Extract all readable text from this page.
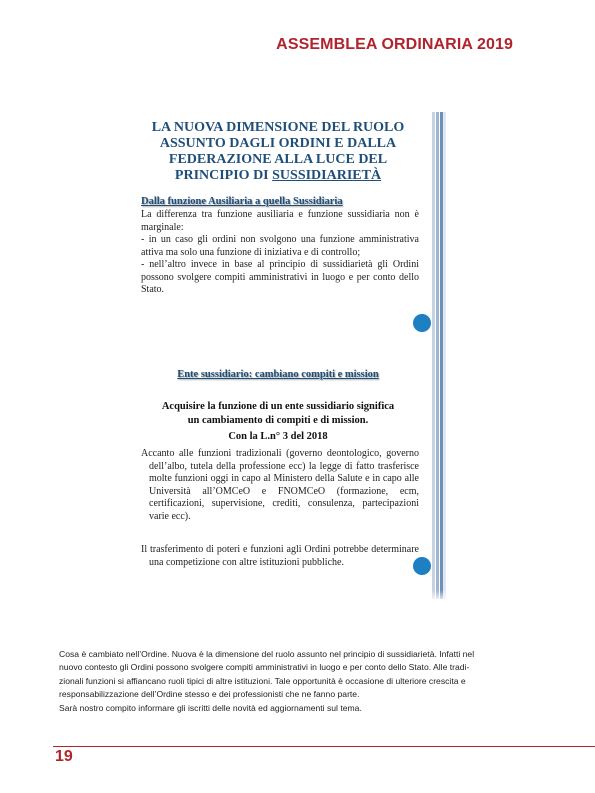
ASSEMBLEA ORDINARIA 2019
LA NUOVA DIMENSIONE DEL RUOLO
ASSUNTO DAGLI ORDINI E DALLA
FEDERAZIONE ALLA LUCE DEL
PRINCIPIO DI SUSSIDIARIETÀ
Dalla funzione Ausiliaria a quella Sussidiaria

La differenza tra funzione ausiliaria e funzione sussidiaria non è marginale:

- in un caso gli ordini non svolgono una funzione amministrativa attiva ma solo una funzione di iniziativa e di controllo;

- nell’altro invece in base al principio di sussidiarietà gli Ordini possono svolgere compiti amministrativi in luogo e per conto dello Stato.

Ente sussidiario: cambiano compiti e mission
Acquisire la funzione di un ente sussidiario significa
un cambiamento di compiti e di mission.
Con la L.n° 3 del 2018

Accanto alle funzioni tradizionali (governo deontologico, governo dell’albo, tutela della professione ecc) la legge di fatto trasferisce molte funzioni oggi in capo al Ministero della Salute e in capo alle Università all’OMCeO e FNOMCeO (formazione, ecm, certificazioni, supervisione, crediti, consulenza, partecipazioni varie ecc).

Il trasferimento di poteri e funzioni agli Ordini potrebbe determinare una competizione con altre istituzioni pubbliche.

Cosa è cambiato nell’Ordine. Nuova è la dimensione del ruolo assunto nel principio di sussidiarietà. Infatti nel

nuovo contesto gli Ordini possono svolgere compiti amministrativi in luogo e per conto dello Stato. Alle tradi-

zionali funzioni si affiancano ruoli tipici di altre istituzioni. Tale opportunità è occasione di ulteriore crescita e

responsabilizzazione dell’Ordine stesso e dei professionisti che ne fanno parte.

Sarà nostro compito informare gli iscritti delle novità ed aggiornamenti sul tema.

19
